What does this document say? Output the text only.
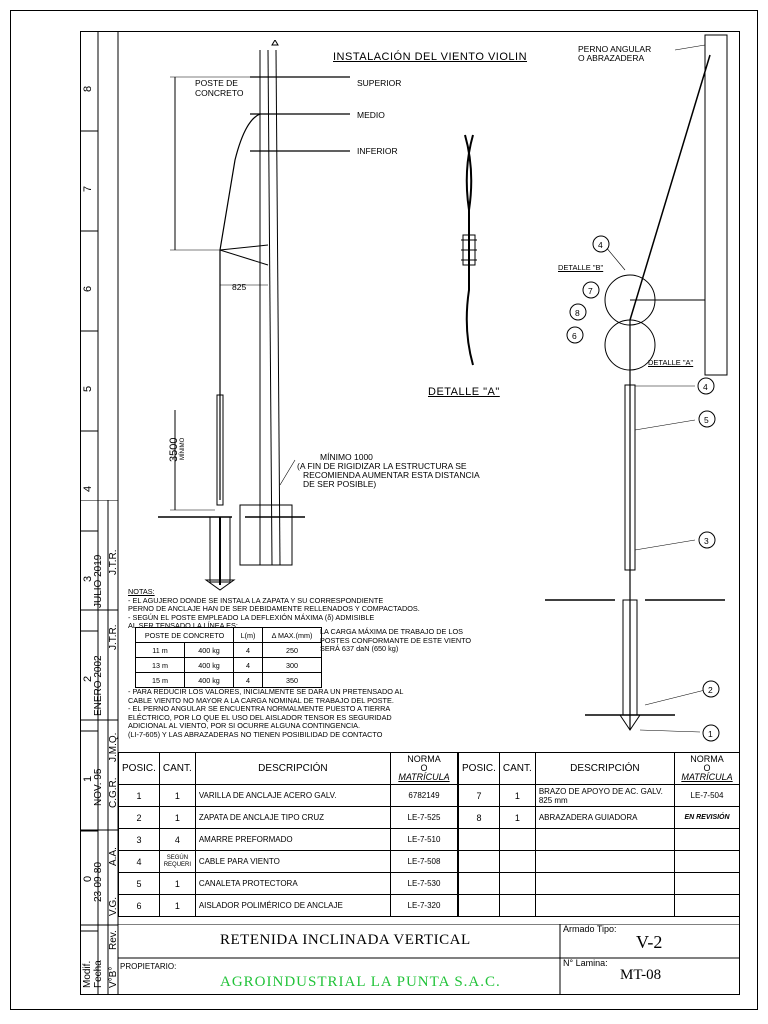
8
7
6
5
4
3
2
1
0
JULIO 2019 J.T.R.
ENERO 2002
J.T.R.
NOV. 95 C.G.R.
J.M.Q.
23-09-80
V.G.
A.A.
Modif. Fecha V°B°
Rev.
INSTALACIÓN DEL VIENTO VIOLIN
POSTE DE
CONCRETO
SUPERIOR
MEDIO
INFERIOR
825
3500 MÍNIMO	MÍNIMO 1000
(A FIN DE RIGIDIZAR LA ESTRUCTURA SE
RECOMIENDA AUMENTAR ESTA DISTANCIA
DE SER POSIBLE)
DETALLE "A"
4
7
8
6
4
5
3
2
1
DETALLE "B"
DETALLE "A"
PERNO ANGULAR
O ABRAZADERA
NOTAS:
- EL AGUJERO DONDE SE INSTALA LA ZAPATA Y SU CORRESPONDIENTE
PERNO DE ANCLAJE HAN DE SER DEBIDAMENTE RELLENADOS Y COMPACTADOS.
- SEGÚN EL POSTE EMPLEADO LA DEFLEXIÓN MÁXIMA (δ) ADMISIBLE
AL SER TENSADO LA LÍNEA ES:
LA CARGA MÁXIMA DE TRABAJO DE LOS
POSTES CONFORMANTE DE ESTE VIENTO
SERÁ 637 daN (650 kg)
POSTE DE CONCRETO		L(m)	Δ MAX.(mm)
11 m	400 kg	4	250
13 m	400 kg	4	300
15 m	400 kg	4	350
- PARA REDUCIR LOS VALORES, INICIALMENTE SE DARA UN PRETENSADO AL
CABLE VIENTO NO MAYOR A LA CARGA NOMINAL DE TRABAJO DEL POSTE.
- EL PERNO ANGULAR SE ENCUENTRA NORMALMENTE PUESTO A TIERRA
ELÉCTRICO, POR LO QUE EL USO DEL AISLADOR TENSOR ES SEGURIDAD
ADICIONAL AL VIENTO, POR SI OCURRE ALGUNA CONTINGENCIA.
(LI-7-605) Y LAS ABRAZADERAS NO TIENEN POSIBILIDAD DE CONTACTO
POSIC.	CANT.	DESCRIPCIÓN	NORMA
O
MATRÍCULA

1	1	VARILLA DE ANCLAJE ACERO GALV.	6782149
2	1	ZAPATA DE ANCLAJE TIPO CRUZ	LE-7-525
3	4	AMARRE PREFORMADO	LE-7-510
4	SEGÚN REQUERI	CABLE PARA VIENTO	LE-7-508
5	1	CANALETA PROTECTORA	LE-7-530
6	1	AISLADOR POLIMÉRICO DE ANCLAJE	LE-7-320
POSIC.	CANT.	DESCRIPCIÓN	NORMA
O
MATRÍCULA

7	1	BRAZO DE APOYO DE AC. GALV. 825 mm	LE-7-504
8	1	ABRAZADERA GUIADORA	EN REVISIÓN

RETENIDA INCLINADA VERTICAL
Armado Tipo:
V-2
PROPIETARIO:
AGROINDUSTRIAL LA PUNTA S.A.C.
N° Lamina:
MT-08
